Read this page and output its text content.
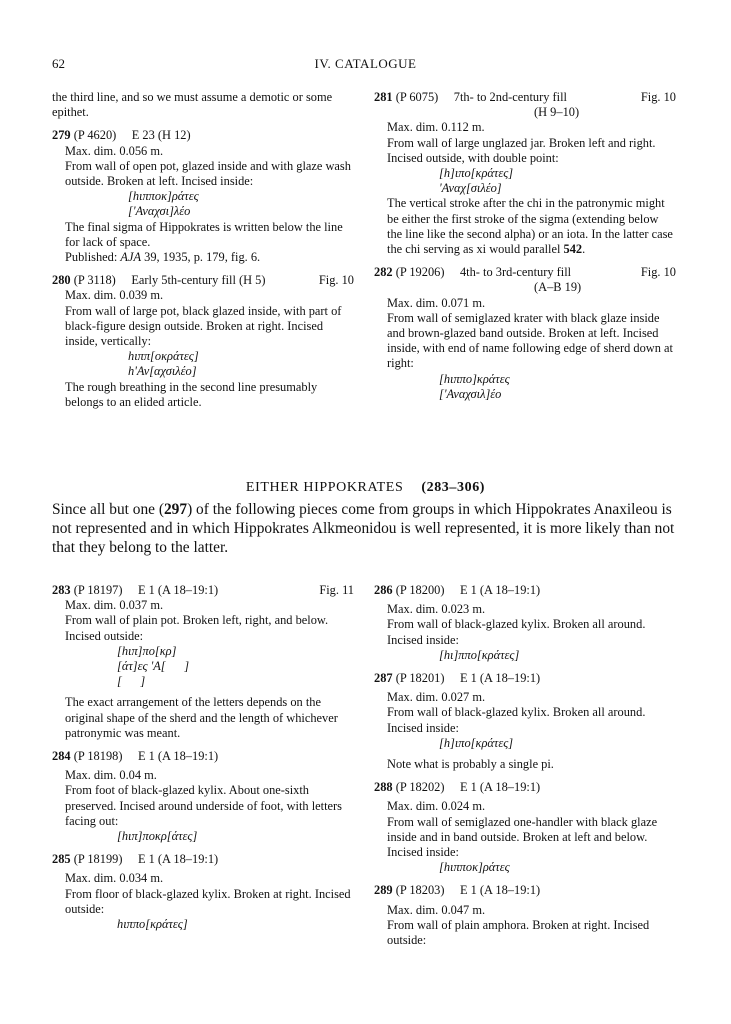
62	IV. CATALOGUE

the third line, and so we must assume a demotic or some epithet.

279 (P 4620) E 23 (H 12)

Max. dim. 0.056 m.

From wall of open pot, glazed inside and with glaze wash outside. Broken at left. Incised inside:

[hιπποκ]ράτες

['Αναχσι]λέο

The final sigma of Hippokrates is written below the line for lack of space.

Published: AJA 39, 1935, p. 179, fig. 6.

280 (P 3118) Early 5th-century fill (H 5)	Fig. 10

Max. dim. 0.039 m.

From wall of large pot, black glazed inside, with part of black-figure design outside. Broken at right. Incised inside, vertically:

hιππ[οκράτες]

h'Αν[αχσιλέο]

The rough breathing in the second line presumably belongs to an elided article.

281 (P 6075) 7th- to 2nd-century fill	Fig. 10
(H 9–10)

Max. dim. 0.112 m.

From wall of large unglazed jar. Broken left and right. Incised outside, with double point:

[h]ιπο[κράτες]

'Αναχ[σιλέο]

The vertical stroke after the chi in the patronymic might be either the first stroke of the sigma (extending below the line like the second alpha) or an iota. In the latter case the chi serving as xi would parallel 542.

282 (P 19206) 4th- to 3rd-century fill	Fig. 10
(A–B 19)

Max. dim. 0.071 m.

From wall of semiglazed krater with black glaze inside and brown-glazed band outside. Broken at left. Incised inside, with end of name following edge of sherd down at right:

[hιππο]κράτες

['Αναχσιλ]έο

EITHER HIPPOKRATES (283–306)

Since all but one (297) of the following pieces come from groups in which Hippokrates Anaxileou is not represented and in which Hippokrates Alkmeonidou is well represented, it is more likely than not that they belong to the latter.

283 (P 18197) E 1 (A 18–19:1)	Fig. 11

Max. dim. 0.037 m.

From wall of plain pot. Broken left, right, and below. Incised outside:

[hιπ]πο[κρ]

[άτ]ες 'Α[      ]

[      ]

The exact arrangement of the letters depends on the original shape of the sherd and the length of whichever patronymic was meant.

284 (P 18198) E 1 (A 18–19:1)

Max. dim. 0.04 m.

From foot of black-glazed kylix. About one-sixth preserved. Incised around underside of foot, with letters facing out:

[hιπ]ποκρ[άτες]

285 (P 18199) E 1 (A 18–19:1)

Max. dim. 0.034 m.

From floor of black-glazed kylix. Broken at right. Incised outside:

hιππο[κράτες]

286 (P 18200) E 1 (A 18–19:1)

Max. dim. 0.023 m.

From wall of black-glazed kylix. Broken all around. Incised inside:

[hι]ππο[κράτες]

287 (P 18201) E 1 (A 18–19:1)

Max. dim. 0.027 m.

From wall of black-glazed kylix. Broken all around. Incised inside:

[h]ιπο[κράτες]

Note what is probably a single pi.

288 (P 18202) E 1 (A 18–19:1)

Max. dim. 0.024 m.

From wall of semiglazed one-handler with black glaze inside and in band outside. Broken at left and below. Incised inside:

[hιπποκ]ράτες

289 (P 18203) E 1 (A 18–19:1)

Max. dim. 0.047 m.

From wall of plain amphora. Broken at right. Incised outside:
